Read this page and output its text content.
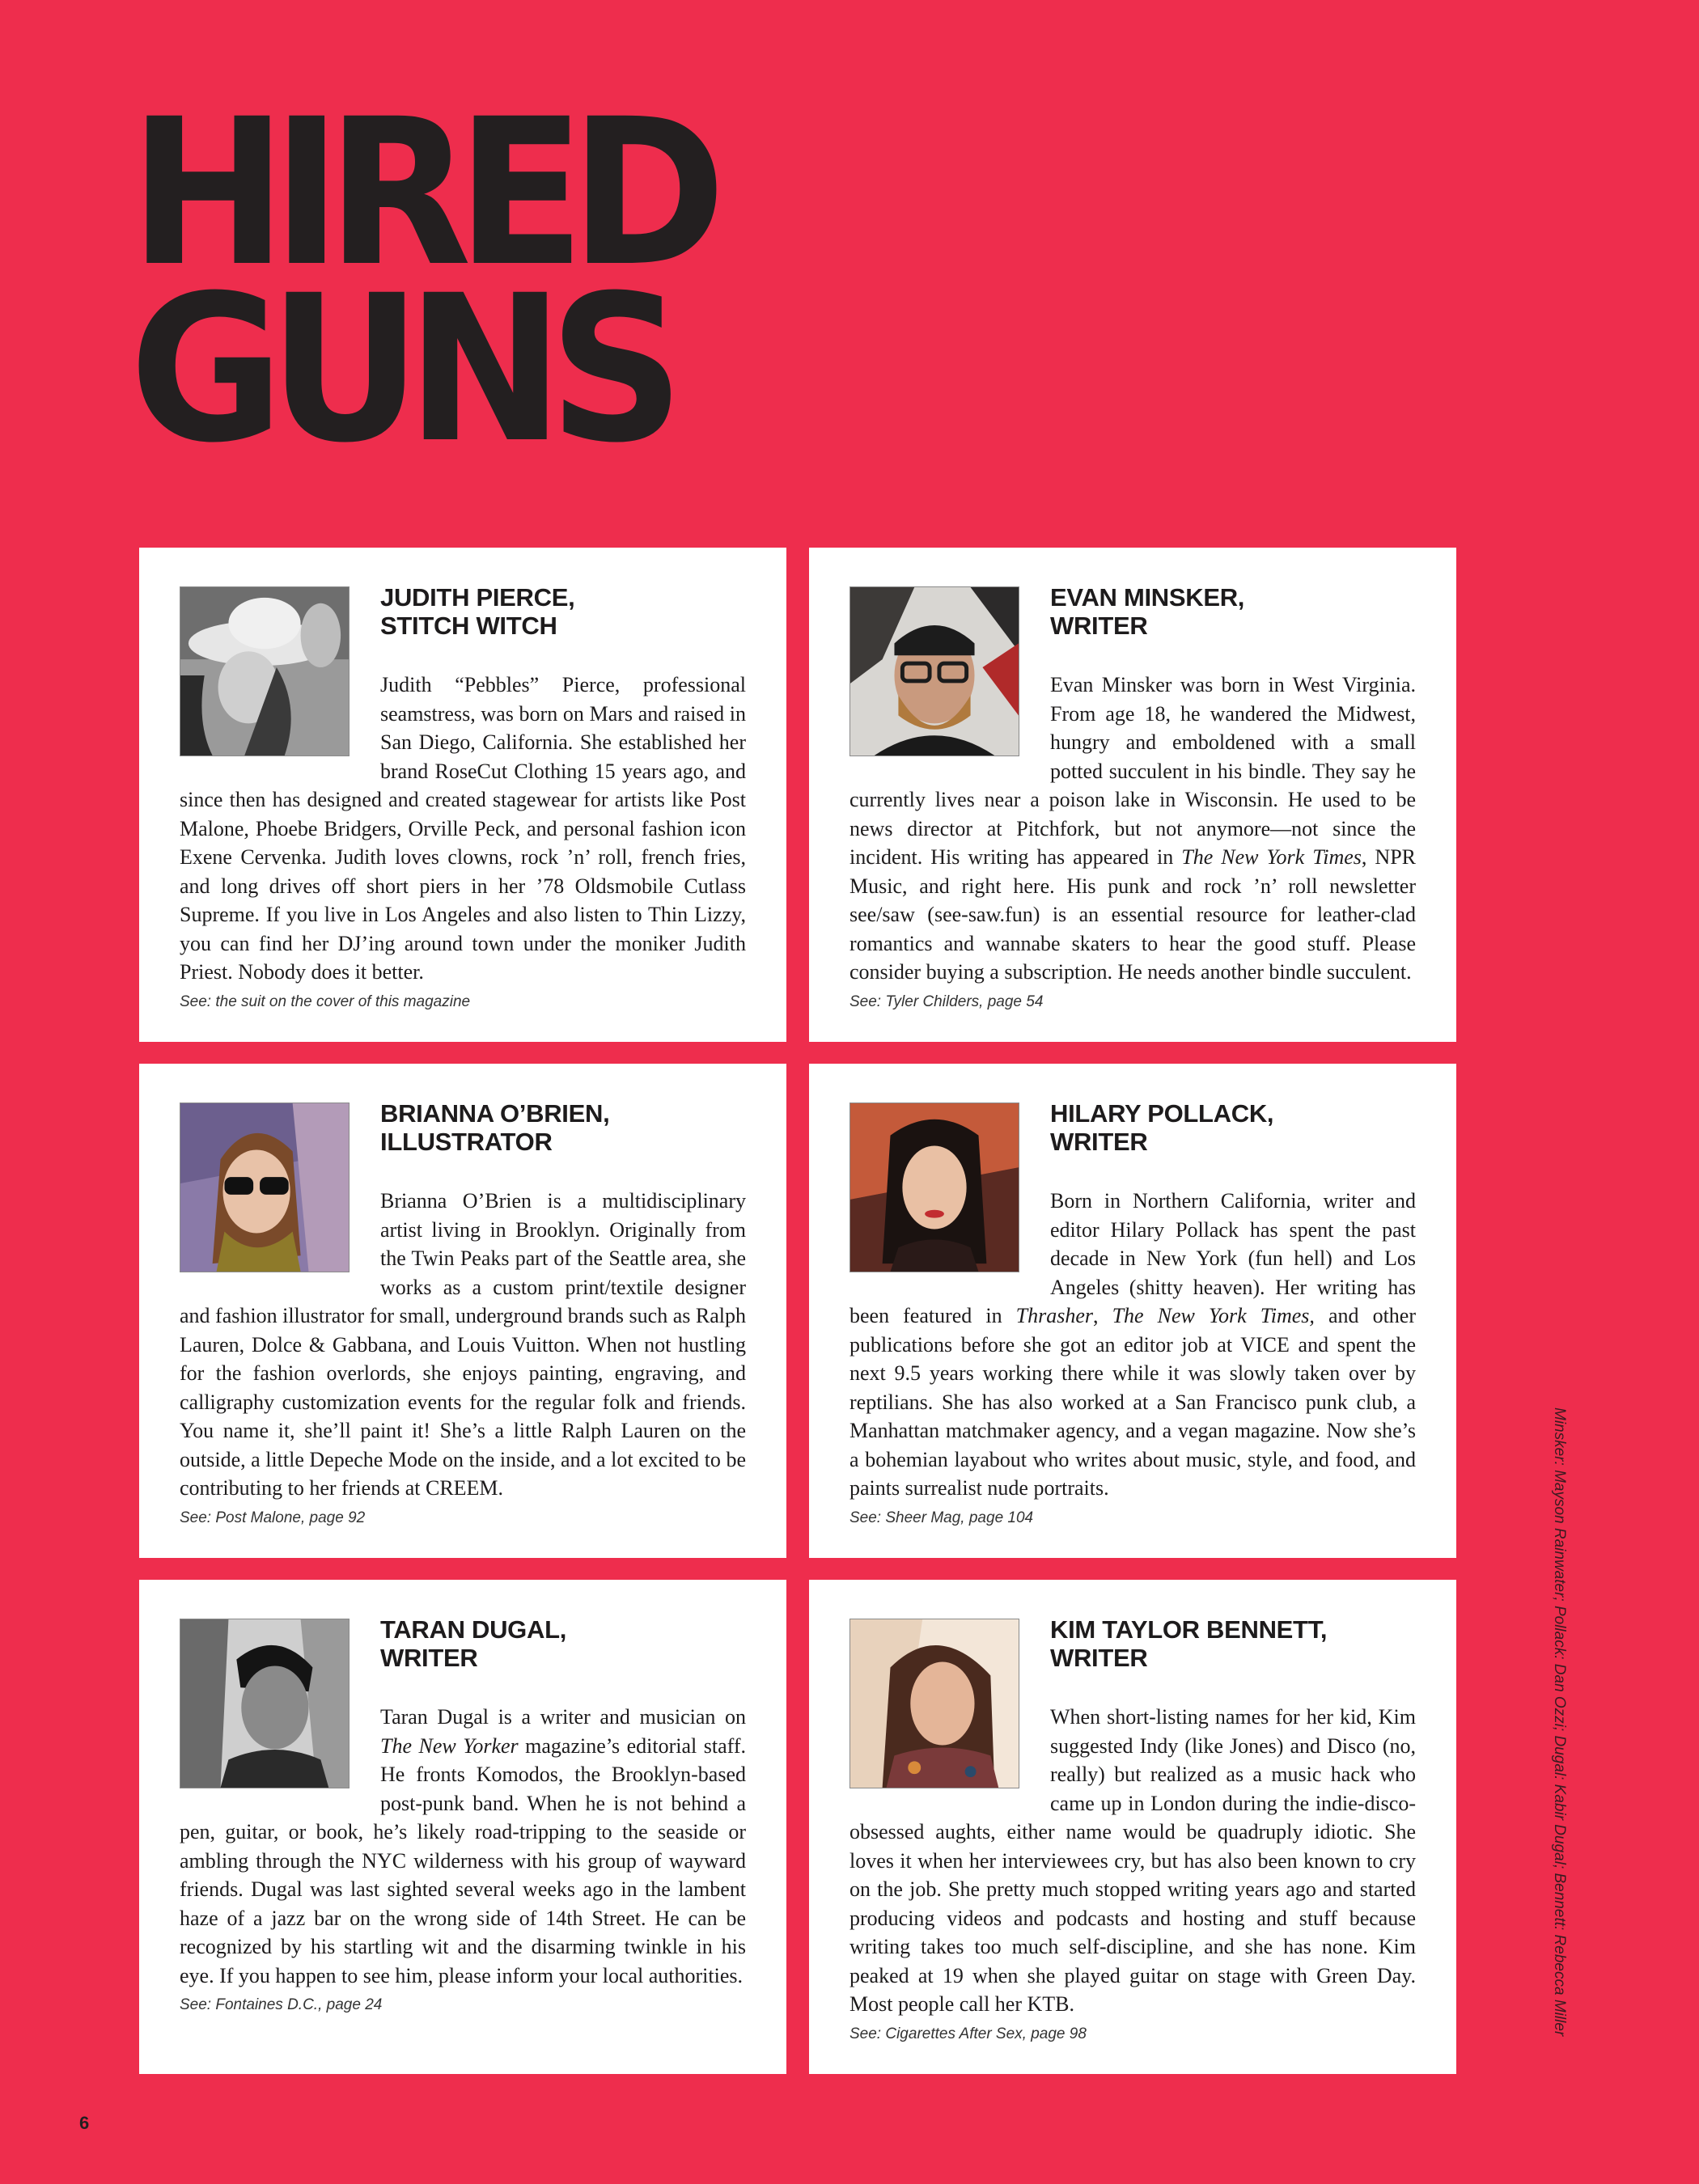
HIRED
GUNS
JUDITH PIERCE,
STITCH WITCH

Judith “Pebbles” Pierce, professional seamstress, was born on Mars and raised in San Diego, California. She established her brand RoseCut Clothing 15 years ago, and since then has designed and created stagewear for artists like Post Malone, Phoebe Bridgers, Orville Peck, and personal fashion icon Exene Cervenka. Judith loves clowns, rock ’n’ roll, french fries, and long drives off short piers in her ’78 Oldsmobile Cutlass Supreme. If you live in Los Angeles and also listen to Thin Lizzy, you can find her DJ’ing around town under the moniker Judith Priest. Nobody does it better.

See: the suit on the cover of this magazine

EVAN MINSKER,
WRITER

Evan Minsker was born in West Virginia. From age 18, he wandered the Midwest, hungry and emboldened with a small potted succulent in his bindle. They say he currently lives near a poison lake in Wisconsin. He used to be news director at Pitchfork, but not anymore—not since the incident. His writing has appeared in The New York Times, NPR Music, and right here. His punk and rock ’n’ roll newsletter see/saw (see-saw.fun) is an essential resource for leather-clad romantics and wannabe skaters to hear the good stuff. Please consider buying a subscription. He needs another bindle succulent.

See: Tyler Childers, page 54

BRIANNA O’BRIEN,
ILLUSTRATOR

Brianna O’Brien is a multidisciplinary artist living in Brooklyn. Originally from the Twin Peaks part of the Seattle area, she works as a custom print/textile designer and fashion illustrator for small, underground brands such as Ralph Lauren, Dolce & Gabbana, and Louis Vuitton. When not hustling for the fashion overlords, she enjoys painting, engraving, and calligraphy customization events for the regular folk and friends. You name it, she’ll paint it! She’s a little Ralph Lauren on the outside, a little Depeche Mode on the inside, and a lot excited to be contributing to her friends at CREEM.

See: Post Malone, page 92

HILARY POLLACK,
WRITER

Born in Northern California, writer and editor Hilary Pollack has spent the past decade in New York (fun hell) and Los Angeles (shitty heaven). Her writing has been featured in Thrasher, The New York Times, and other publications before she got an editor job at VICE and spent the next 9.5 years working there while it was slowly taken over by reptilians. She has also worked at a San Francisco punk club, a Manhattan matchmaker agency, and a vegan magazine. Now she’s a bohemian layabout who writes about music, style, and food, and paints surrealist nude portraits.

See: Sheer Mag, page 104

TARAN DUGAL,
WRITER

Taran Dugal is a writer and musician on The New Yorker magazine’s editorial staff. He fronts Komodos, the Brooklyn-based post-punk band. When he is not behind a pen, guitar, or book, he’s likely road-tripping to the seaside or ambling through the NYC wilderness with his group of wayward friends. Dugal was last sighted several weeks ago in the lambent haze of a jazz bar on the wrong side of 14th Street. He can be recognized by his startling wit and the disarming twinkle in his eye. If you happen to see him, please inform your local authorities.

See: Fontaines D.C., page 24

KIM TAYLOR BENNETT,
WRITER

When short-listing names for her kid, Kim suggested Indy (like Jones) and Disco (no, really) but realized as a music hack who came up in London during the indie-disco-obsessed aughts, either name would be quadruply idiotic. She loves it when her interviewees cry, but has also been known to cry on the job. She pretty much stopped writing years ago and started producing videos and podcasts and hosting and stuff because writing takes too much self-discipline, and she has none. Kim peaked at 19 when she played guitar on stage with Green Day. Most people call her KTB.

See: Cigarettes After Sex, page 98	Minsker: Mayson Rainwater; Pollack: Dan Ozzi; Dugal: Kabir Dugal; Bennett: Rebecca Miller
6
